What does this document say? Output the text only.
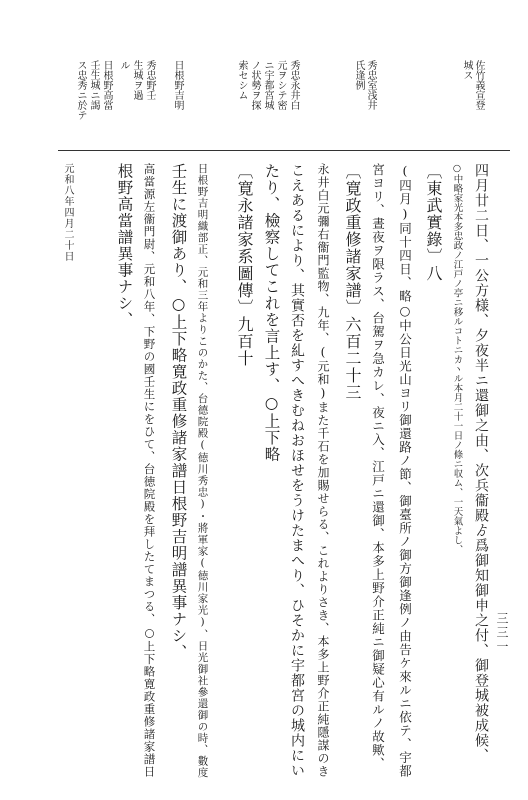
佐竹義宣登
城ス
秀忠室浅井
氏逢例
秀忠永井白
元ヲシテ密
ニ宇都宮城
ノ状勢ヲ探
索セシム
日根野吉明
秀忠野壬
生城ヲ過
ル
日根野高當
壬生城ニ謁
ス忠秀ニ於テ
四月廿二日、一公方様、夕夜半ニ還御之由、次兵衞殿ゟ爲御知御申之付、御登城被成候、
○中略家光本多忠政ノ江戸ノ亭ニ移ルコトニカヽル本月二十一日ノ條ニ収ム、一天氣よし、
〔東武實錄〕八
(四月)同十四日、略○中公日光山ヨリ御還路ノ節、御臺所ノ御方御逢例ノ由告ケ來ルニ依テ、宇都
宮ヨリ、晝夜ヲ限ラス、台駕ヲ急カレ、夜ニ入、江戸ニ還御、本多上野介正純ニ御疑心有ルノ故歟、
〔寛政重修諸家譜〕六百二十三
永井白元彌右衞門監物、九年、(元和)また千石を加賜せらる、これよりさき、本多上野介正純隱謀のき
こえあるにより、其實否を糺すへきむねおほせをうけたまへり、ひそかに宇都宮の城内にい
たり、檢察してこれを言上す、○上下略
〔寛永諸家系圖傳〕九百十
日根野吉明織部正、元和三年よりこのかた、台德院殿(徳川秀忠)・將軍家(徳川家光)、日光御社參還御の時、數度
壬生に渡御あり、○上下略寛政重修諸家譜日根野吉明譜異事ナシ、
高當源左衞門尉、元和八年、下野の國壬生にをひて、台徳院殿を拜したてまつる、○上下略寛政重修諸家譜日
根野高當譜異事ナシ、
元和八年四月二十日
三三一
